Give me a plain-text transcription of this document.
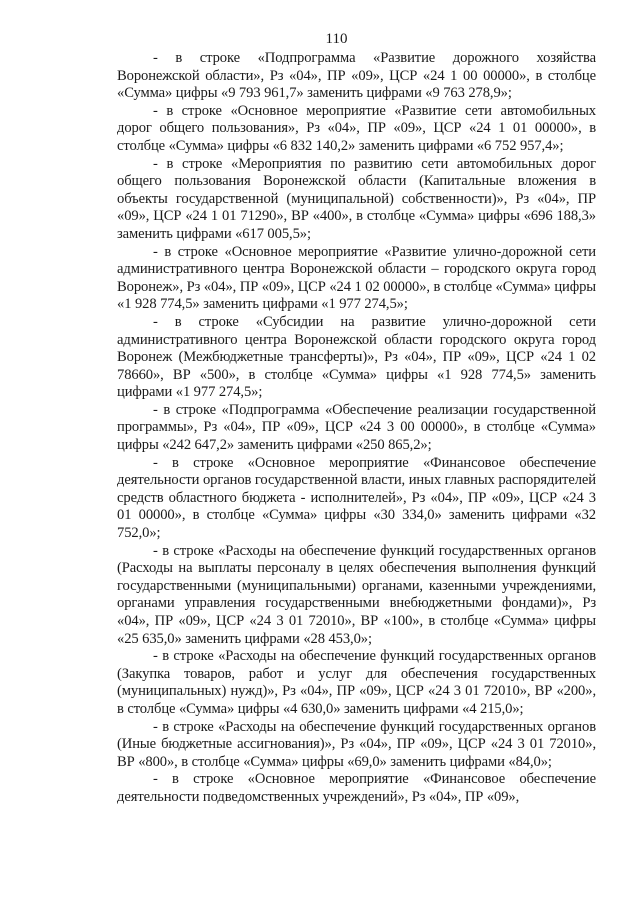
110

- в строке «Подпрограмма «Развитие дорожного хозяйства Воронежской области», Рз «04», ПР «09», ЦСР «24 1 00 00000», в столбце «Сумма» цифры «9 793 961,7» заменить цифрами «9 763 278,9»;

- в строке «Основное мероприятие «Развитие сети автомобильных дорог общего пользования», Рз «04», ПР «09», ЦСР «24 1 01 00000», в столбце «Сумма» цифры «6 832 140,2» заменить цифрами «6 752 957,4»;

- в строке «Мероприятия по развитию сети автомобильных дорог общего пользования Воронежской области (Капитальные вложения в объекты государственной (муниципальной) собственности)», Рз «04», ПР «09», ЦСР «24 1 01 71290», ВР «400», в столбце «Сумма» цифры «696 188,3» заменить цифрами «617 005,5»;

- в строке «Основное мероприятие «Развитие улично-дорожной сети административного центра Воронежской области – городского округа город Воронеж», Рз «04», ПР «09», ЦСР «24 1 02 00000», в столбце «Сумма» цифры «1 928 774,5» заменить цифрами «1 977 274,5»;

- в строке «Субсидии на развитие улично-дорожной сети административного центра Воронежской области городского округа город Воронеж (Межбюджетные трансферты)», Рз «04», ПР «09», ЦСР «24 1 02 78660», ВР «500», в столбце «Сумма» цифры «1 928 774,5» заменить цифрами «1 977 274,5»;

- в строке «Подпрограмма «Обеспечение реализации государственной программы», Рз «04», ПР «09», ЦСР «24 3 00 00000», в столбце «Сумма» цифры «242 647,2» заменить цифрами «250 865,2»;

- в строке «Основное мероприятие «Финансовое обеспечение деятельности органов государственной власти, иных главных распорядителей средств областного бюджета - исполнителей», Рз «04», ПР «09», ЦСР «24 3 01 00000», в столбце «Сумма» цифры «30 334,0» заменить цифрами «32 752,0»;

- в строке «Расходы на обеспечение функций государственных органов (Расходы на выплаты персоналу в целях обеспечения выполнения функций государственными (муниципальными) органами, казенными учреждениями, органами управления государственными внебюджетными фондами)», Рз «04», ПР «09», ЦСР «24 3 01 72010», ВР «100», в столбце «Сумма» цифры «25 635,0» заменить цифрами «28 453,0»;

- в строке «Расходы на обеспечение функций государственных органов (Закупка товаров, работ и услуг для обеспечения государственных (муниципальных) нужд)», Рз «04», ПР «09», ЦСР «24 3 01 72010», ВР «200», в столбце «Сумма» цифры «4 630,0» заменить цифрами «4 215,0»;

- в строке «Расходы на обеспечение функций государственных органов (Иные бюджетные ассигнования)», Рз «04», ПР «09», ЦСР «24 3 01 72010», ВР «800», в столбце «Сумма» цифры «69,0» заменить цифрами «84,0»;

- в строке «Основное мероприятие «Финансовое обеспечение деятельности подведомственных учреждений», Рз «04», ПР «09»,
